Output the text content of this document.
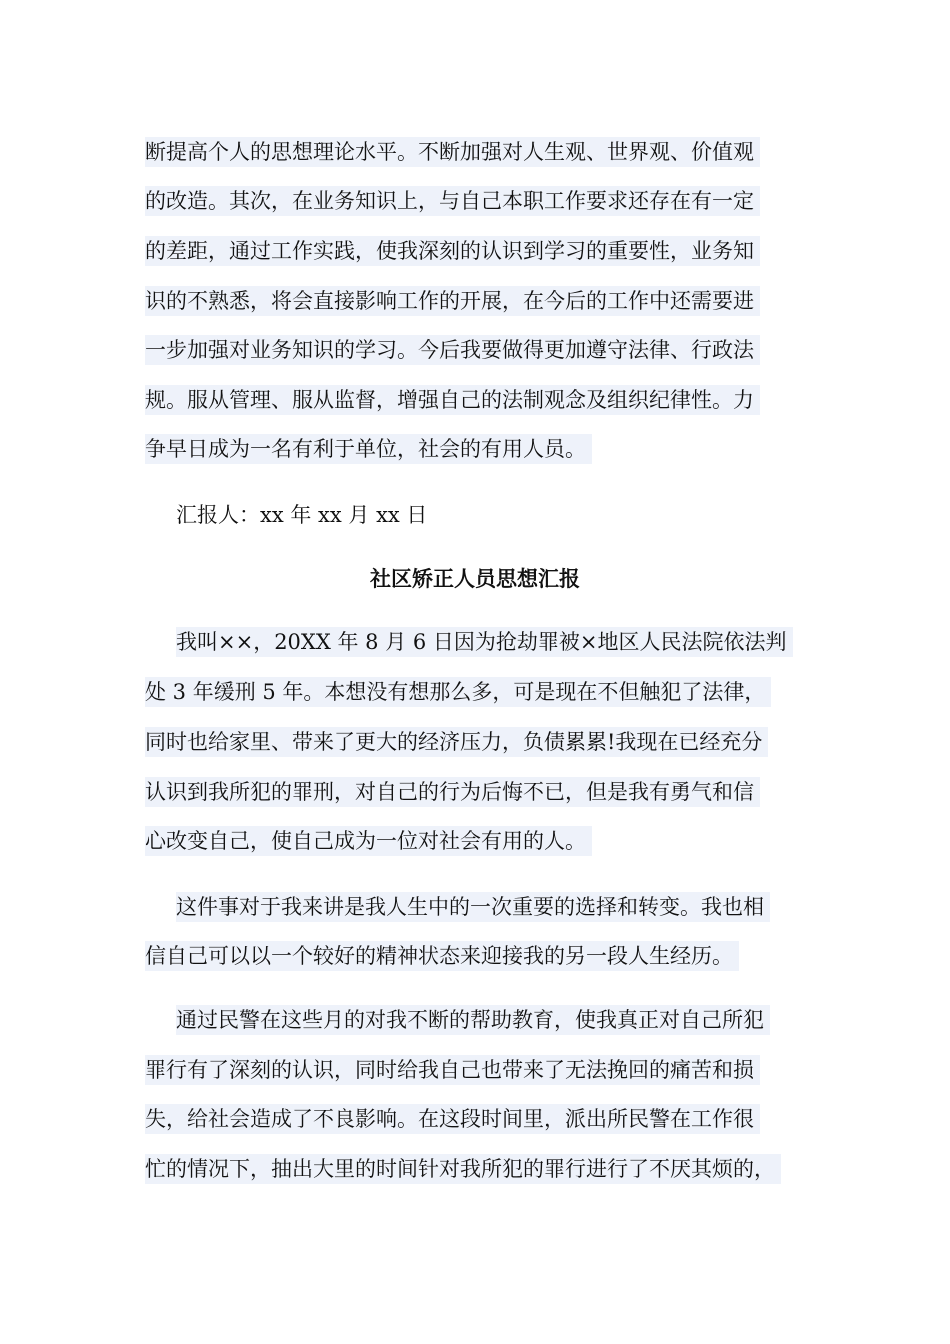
断提高个人的思想理论水平。不断加强对人生观、世界观、价值观
的改造。其次，在业务知识上，与自己本职工作要求还存在有一定
的差距，通过工作实践，使我深刻的认识到学习的重要性，业务知
识的不熟悉，将会直接影响工作的开展，在今后的工作中还需要进
一步加强对业务知识的学习。今后我要做得更加遵守法律、行政法
规。服从管理、服从监督，增强自己的法制观念及组织纪律性。力
争早日成为一名有利于单位，社会的有用人员。
汇报人：xx 年 xx 月 xx 日
社区矫正人员思想汇报
我叫××，20XX 年 8 月 6 日因为抢劫罪被×地区人民法院依法判
处 3 年缓刑 5 年。本想没有想那么多，可是现在不但触犯了法律，
同时也给家里、带来了更大的经济压力，负债累累!我现在已经充分
认识到我所犯的罪刑，对自己的行为后悔不已，但是我有勇气和信
心改变自己，使自己成为一位对社会有用的人。
这件事对于我来讲是我人生中的一次重要的选择和转变。我也相
信自己可以以一个较好的精神状态来迎接我的另一段人生经历。
通过民警在这些月的对我不断的帮助教育，使我真正对自己所犯
罪行有了深刻的认识，同时给我自己也带来了无法挽回的痛苦和损
失，给社会造成了不良影响。在这段时间里，派出所民警在工作很
忙的情况下，抽出大里的时间针对我所犯的罪行进行了不厌其烦的，
